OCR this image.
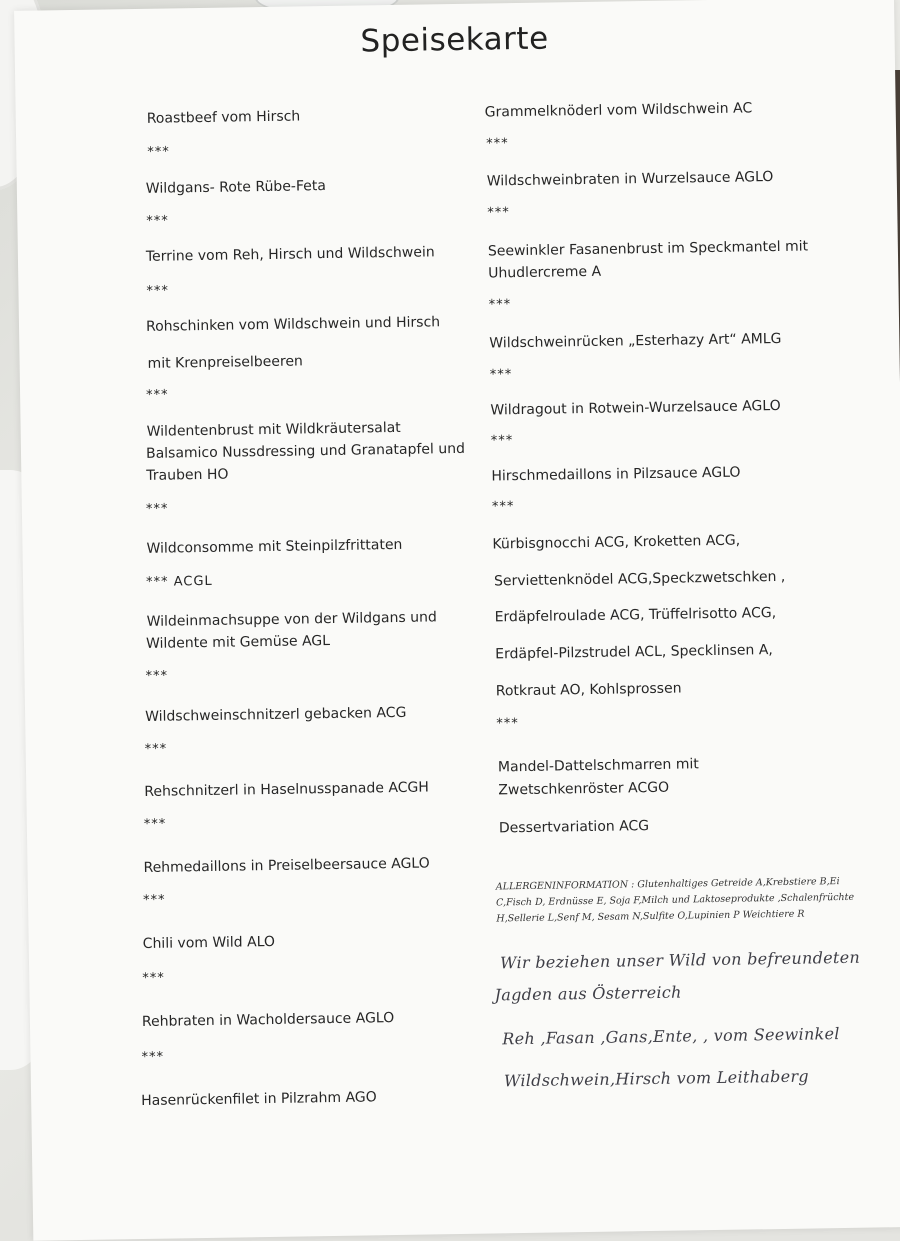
Speisekarte
Roastbeef vom Hirsch
***
Wildgans- Rote Rübe-Feta
***
Terrine vom Reh, Hirsch und Wildschwein
***
Rohschinken vom Wildschwein und Hirsch
mit Krenpreiselbeeren
***
Wildentenbrust mit Wildkräutersalat
Balsamico Nussdressing und Granatapfel und
Trauben HO
***
Wildconsomme mit Steinpilzfrittaten
*** ACGL
Wildeinmachsuppe von der Wildgans und
Wildente mit Gemüse AGL
***
Wildschweinschnitzerl gebacken ACG
***
Rehschnitzerl in Haselnusspanade ACGH
***
Rehmedaillons in Preiselbeersauce AGLO
***
Chili vom Wild ALO
***
Rehbraten in Wacholdersauce AGLO
***
Hasenrückenfilet in Pilzrahm AGO
Grammelknöderl vom Wildschwein AC
***
Wildschweinbraten in Wurzelsauce AGLO
***
Seewinkler Fasanenbrust im Speckmantel mit
Uhudlercreme A
***
Wildschweinrücken „Esterhazy Art“ AMLG
***
Wildragout in Rotwein-Wurzelsauce AGLO
***
Hirschmedaillons in Pilzsauce AGLO
***
Kürbisgnocchi ACG, Kroketten ACG,
Serviettenknödel ACG,Speckzwetschken ,
Erdäpfelroulade ACG, Trüffelrisotto ACG,
Erdäpfel-Pilzstrudel ACL, Specklinsen A,
Rotkraut AO, Kohlsprossen
***
Mandel-Dattelschmarren mit
Zwetschkenröster ACGO
Dessertvariation ACG
ALLERGENINFORMATION : Glutenhaltiges Getreide A,Krebstiere B,Ei
C,Fisch D, Erdnüsse E, Soja F,Milch und Laktoseprodukte ,Schalenfrüchte
H,Sellerie L,Senf M, Sesam N,Sulfite O,Lupinien P Weichtiere R
Wir beziehen unser Wild von befreundeten
Jagden aus Österreich
Reh ,Fasan ,Gans,Ente, , vom Seewinkel
Wildschwein,Hirsch vom Leithaberg
